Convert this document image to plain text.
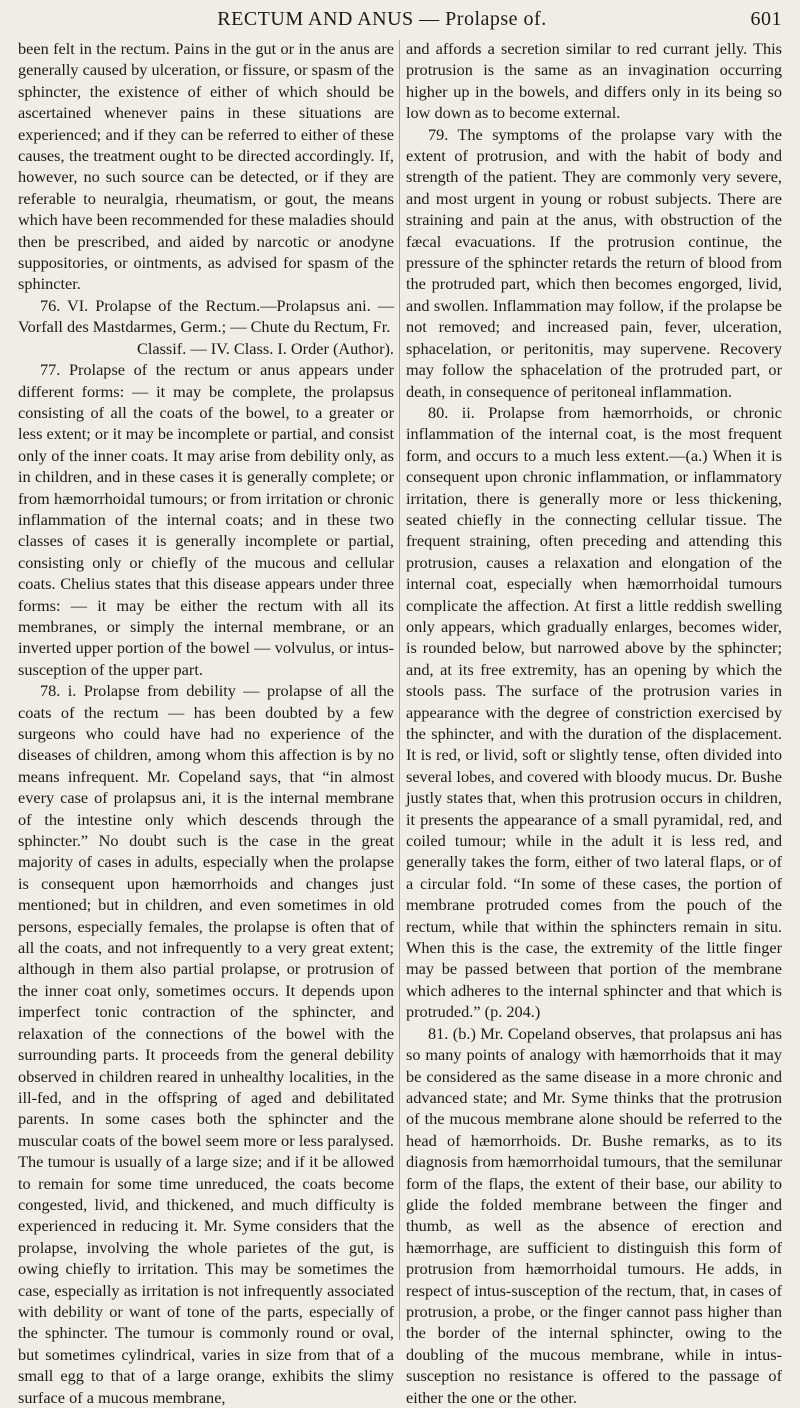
RECTUM AND ANUS — Prolapse of.	601

been felt in the rectum. Pains in the gut or in the anus are generally caused by ulceration, or fissure, or spasm of the sphincter, the existence of either of which should be ascertained whenever pains in these situations are experienced; and if they can be referred to either of these causes, the treatment ought to be directed accordingly. If, however, no such source can be detected, or if they are referable to neuralgia, rheumatism, or gout, the means which have been recommended for these maladies should then be prescribed, and aided by narcotic or anodyne suppositories, or ointments, as advised for spasm of the sphincter.

76. VI. Prolapse of the Rectum.—Prolapsus ani. — Vorfall des Mastdarmes, Germ.; — Chute du Rectum, Fr.

Classif. — IV. Class. I. Order (Author).

77. Prolapse of the rectum or anus appears under different forms: — it may be complete, the prolapsus consisting of all the coats of the bowel, to a greater or less extent; or it may be incomplete or partial, and consist only of the inner coats. It may arise from debility only, as in children, and in these cases it is generally complete; or from hæmorrhoidal tumours; or from irritation or chronic inflammation of the internal coats; and in these two classes of cases it is generally incomplete or partial, consisting only or chiefly of the mucous and cellular coats. Chelius states that this disease appears under three forms: — it may be either the rectum with all its membranes, or simply the internal membrane, or an inverted upper portion of the bowel — volvulus, or intus-susception of the upper part.

78. i. Prolapse from debility — prolapse of all the coats of the rectum — has been doubted by a few surgeons who could have had no experience of the diseases of children, among whom this affection is by no means infrequent. Mr. Copeland says, that “in almost every case of prolapsus ani, it is the internal membrane of the intestine only which descends through the sphincter.” No doubt such is the case in the great majority of cases in adults, especially when the prolapse is consequent upon hæmorrhoids and changes just mentioned; but in children, and even sometimes in old persons, especially females, the prolapse is often that of all the coats, and not infrequently to a very great extent; although in them also partial prolapse, or protrusion of the inner coat only, sometimes occurs. It depends upon imperfect tonic contraction of the sphincter, and relaxation of the connections of the bowel with the surrounding parts. It proceeds from the general debility observed in children reared in unhealthy localities, in the ill-fed, and in the offspring of aged and debilitated parents. In some cases both the sphincter and the muscular coats of the bowel seem more or less paralysed. The tumour is usually of a large size; and if it be allowed to remain for some time unreduced, the coats become congested, livid, and thickened, and much difficulty is experienced in reducing it. Mr. Syme considers that the prolapse, involving the whole parietes of the gut, is owing chiefly to irritation. This may be sometimes the case, especially as irritation is not infrequently associated with debility or want of tone of the parts, especially of the sphincter. The tumour is commonly round or oval, but sometimes cylindrical, varies in size from that of a small egg to that of a large orange, exhibits the slimy surface of a mucous membrane,

and affords a secretion similar to red currant jelly. This protrusion is the same as an invagination occurring higher up in the bowels, and differs only in its being so low down as to become external.

79. The symptoms of the prolapse vary with the extent of protrusion, and with the habit of body and strength of the patient. They are commonly very severe, and most urgent in young or robust subjects. There are straining and pain at the anus, with obstruction of the fæcal evacuations. If the protrusion continue, the pressure of the sphincter retards the return of blood from the protruded part, which then becomes engorged, livid, and swollen. Inflammation may follow, if the prolapse be not removed; and increased pain, fever, ulceration, sphacelation, or peritonitis, may supervene. Recovery may follow the sphacelation of the protruded part, or death, in consequence of peritoneal inflammation.

80. ii. Prolapse from hæmorrhoids, or chronic inflammation of the internal coat, is the most frequent form, and occurs to a much less extent.—(a.) When it is consequent upon chronic inflammation, or inflammatory irritation, there is generally more or less thickening, seated chiefly in the connecting cellular tissue. The frequent straining, often preceding and attending this protrusion, causes a relaxation and elongation of the internal coat, especially when hæmorrhoidal tumours complicate the affection. At first a little reddish swelling only appears, which gradually enlarges, becomes wider, is rounded below, but narrowed above by the sphincter; and, at its free extremity, has an opening by which the stools pass. The surface of the protrusion varies in appearance with the degree of constriction exercised by the sphincter, and with the duration of the displacement. It is red, or livid, soft or slightly tense, often divided into several lobes, and covered with bloody mucus. Dr. Bushe justly states that, when this protrusion occurs in children, it presents the appearance of a small pyramidal, red, and coiled tumour; while in the adult it is less red, and generally takes the form, either of two lateral flaps, or of a circular fold. “In some of these cases, the portion of membrane protruded comes from the pouch of the rectum, while that within the sphincters remain in situ. When this is the case, the extremity of the little finger may be passed between that portion of the membrane which adheres to the internal sphincter and that which is protruded.” (p. 204.)

81. (b.) Mr. Copeland observes, that prolapsus ani has so many points of analogy with hæmorrhoids that it may be considered as the same disease in a more chronic and advanced state; and Mr. Syme thinks that the protrusion of the mucous membrane alone should be referred to the head of hæmorrhoids. Dr. Bushe remarks, as to its diagnosis from hæmorrhoidal tumours, that the semilunar form of the flaps, the extent of their base, our ability to glide the folded membrane between the finger and thumb, as well as the absence of erection and hæmorrhage, are sufficient to distinguish this form of protrusion from hæmorrhoidal tumours. He adds, in respect of intus-susception of the rectum, that, in cases of protrusion, a probe, or the finger cannot pass higher than the border of the internal sphincter, owing to the doubling of the mucous membrane, while in intus-susception no resistance is offered to the passage of either the one or the other.
